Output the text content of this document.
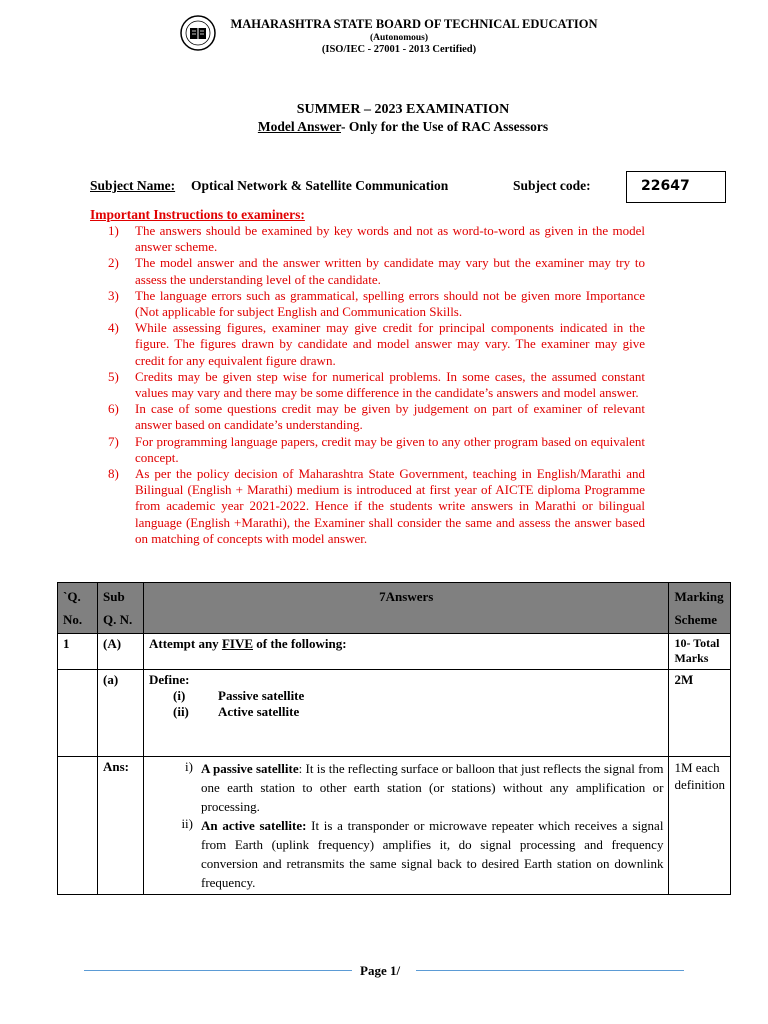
MAHARASHTRA STATE BOARD OF TECHNICAL EDUCATION
(Autonomous)
(ISO/IEC - 27001 - 2013 Certified)
SUMMER – 2023 EXAMINATION
Model Answer- Only for the Use of RAC Assessors
Subject Name: Optical Network & Satellite Communication	Subject code:	22647
Important Instructions to examiners:
1)	The answers should be examined by key words and not as word-to-word as given in the model answer scheme.
2)	The model answer and the answer written by candidate may vary but the examiner may try to assess the understanding level of the candidate.
3)	The language errors such as grammatical, spelling errors should not be given more Importance (Not applicable for subject English and Communication Skills.
4)	While assessing figures, examiner may give credit for principal components indicated in the figure. The figures drawn by candidate and model answer may vary. The examiner may give credit for any equivalent figure drawn.
5)	Credits may be given step wise for numerical problems. In some cases, the assumed constant values may vary and there may be some difference in the candidate’s answers and model answer.
6)	In case of some questions credit may be given by judgement on part of examiner of relevant answer based on candidate’s understanding.
7)	For programming language papers, credit may be given to any other program based on equivalent concept.
8)	As per the policy decision of Maharashtra State Government, teaching in English/Marathi and Bilingual (English + Marathi) medium is introduced at first year of AICTE diploma Programme from academic year 2021-2022. Hence if the students write answers in Marathi or bilingual language (English +Marathi), the Examiner shall consider the same and assess the answer based on matching of concepts with model answer.
`Q. No.	Sub Q. N.	7Answers	Marking Scheme
1	(A)	Attempt any FIVE of the following:	10- Total Marks
	(a)	Define:
(i) Passive satellite
(ii) Active satellite	2M
	Ans:	i) A passive satellite: It is the reflecting surface or balloon that just reflects the signal from one earth station to other earth station (or stations) without any amplification or processing.
ii) An active satellite: It is a transponder or microwave repeater which receives a signal from Earth (uplink frequency) amplifies it, do signal processing and frequency conversion and retransmits the same signal back to desired Earth station on downlink frequency.	1M each definition
Page 1/
